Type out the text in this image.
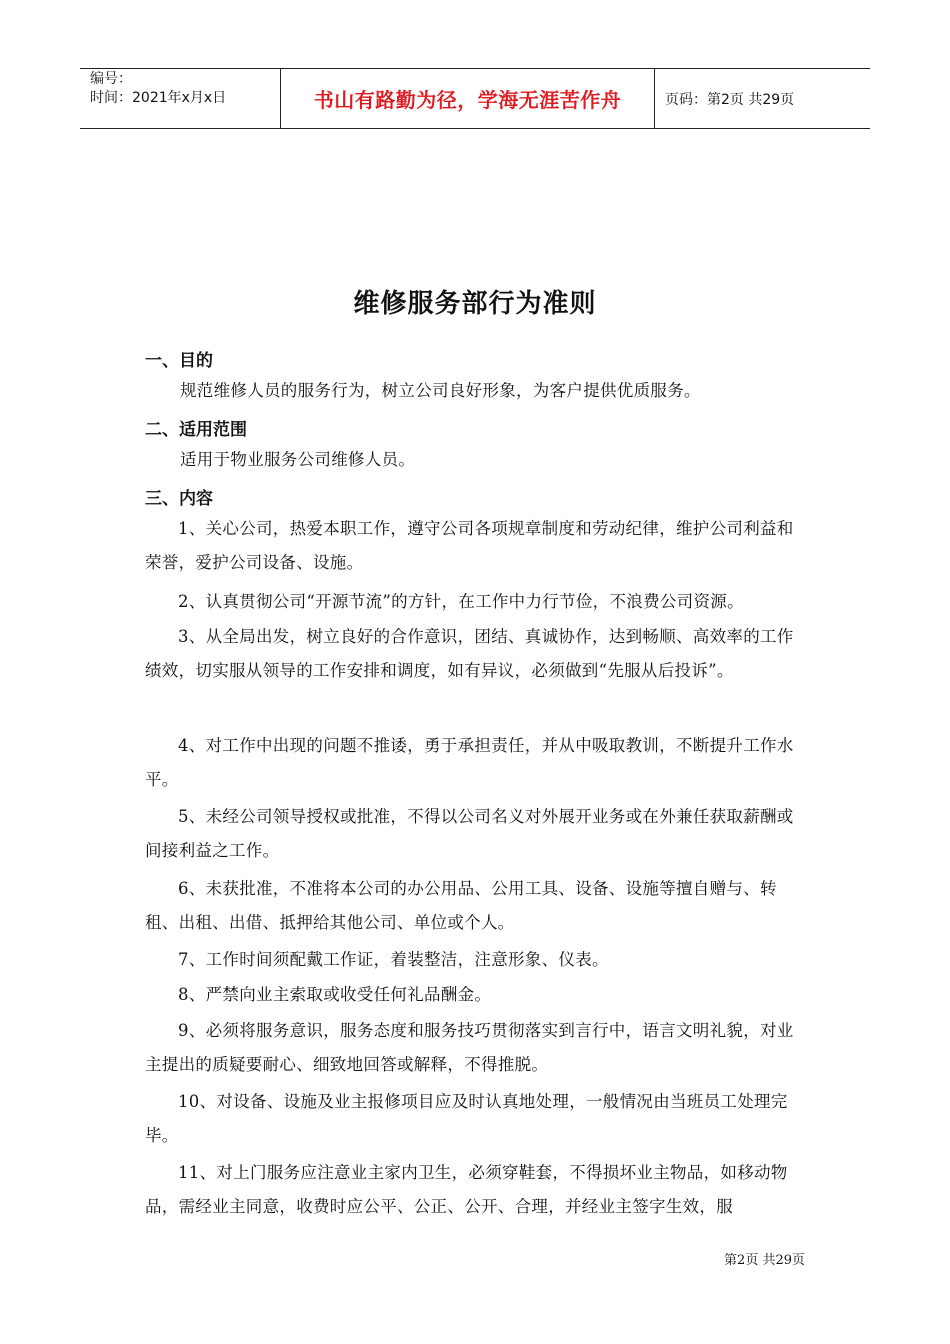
编号：
时间：2021年x月x日	书山有路勤为径，学海无涯苦作舟	页码：第2页 共29页
维修服务部行为准则
一、目的
规范维修人员的服务行为，树立公司良好形象，为客户提供优质服务。
二、适用范围
适用于物业服务公司维修人员。
三、内容
1、关心公司，热爱本职工作，遵守公司各项规章制度和劳动纪律，维护公司利益和荣誉，爱护公司设备、设施。
2、认真贯彻公司“开源节流”的方针，在工作中力行节俭，不浪费公司资源。
3、从全局出发，树立良好的合作意识，团结、真诚协作，达到畅顺、高效率的工作绩效，切实服从领导的工作安排和调度，如有异议，必须做到“先服从后投诉”。
4、对工作中出现的问题不推诿，勇于承担责任，并从中吸取教训，不断提升工作水平。
5、未经公司领导授权或批准，不得以公司名义对外展开业务或在外兼任获取薪酬或间接利益之工作。
6、未获批准，不准将本公司的办公用品、公用工具、设备、设施等擅自赠与、转租、出租、出借、抵押给其他公司、单位或个人。
7、工作时间须配戴工作证，着装整洁，注意形象、仪表。
8、严禁向业主索取或收受任何礼品酬金。
9、必须将服务意识，服务态度和服务技巧贯彻落实到言行中，语言文明礼貌，对业主提出的质疑要耐心、细致地回答或解释，不得推脱。
10、对设备、设施及业主报修项目应及时认真地处理，一般情况由当班员工处理完毕。
11、对上门服务应注意业主家内卫生，必须穿鞋套，不得损坏业主物品，如移动物品，需经业主同意，收费时应公平、公正、公开、合理，并经业主签字生效，服
第2页 共29页
